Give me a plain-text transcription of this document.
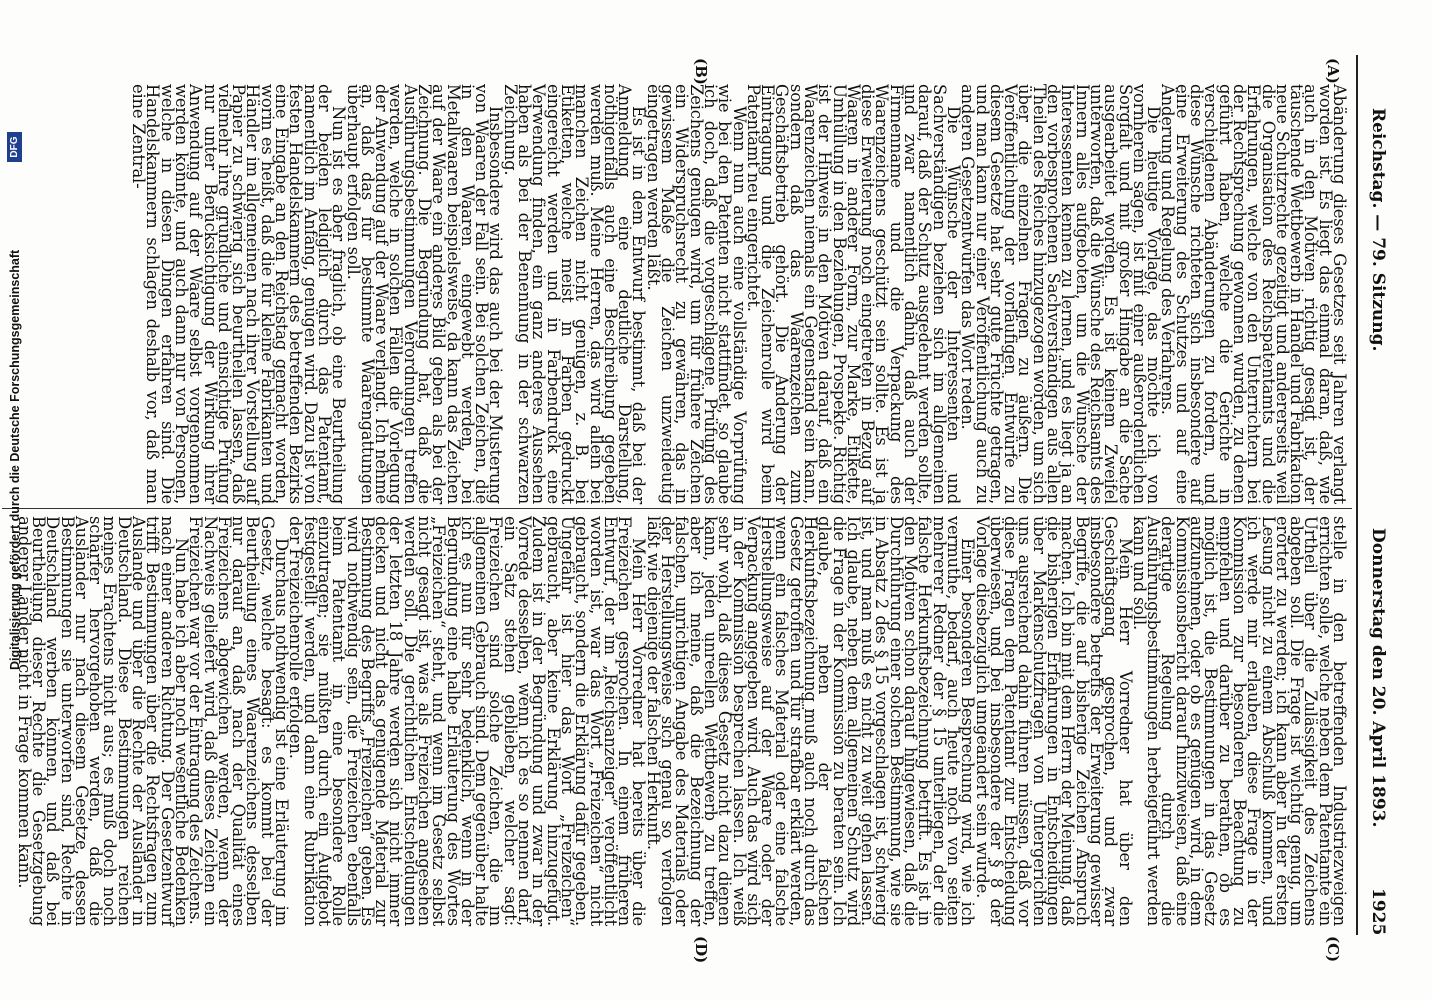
Reichstag. — 79. Sitzung.
Donnerstag den 20. April 1893.
1925
(A)
(B)
(C)
(D)

Abänderung dieses Gesetzes seit Jahren verlangt worden ist. Es liegt das einmal daran, daß, wie auch in den Motiven richtig gesagt ist, der täuschende Wettbewerb in Handel und Fabrikation neue Schutzrechte gezeitigt und andererseits weil die Organisation des Reichspatentamts und die Erfahrungen, welche von den Unterrichtern bei der Rechtsprechung gewonnen wurden, zu denen geführt haben, welche die Gerichte in verschiedenen Abänderungen zu fordern, und diese Wünsche richteten sich insbesondere auf eine Erweiterung des Schutzes und auf eine Änderung und Regelung des Verfahrens.

Die heutige Vorlage, das möchte ich von vornherein sagen, ist mit einer außerordentlichen Sorgfalt und mit großer Hingabe an die Sache ausgearbeitet worden. Es ist keinem Zweifel unterworfen, daß die Wünsche des Reichsamts des Innern alles aufgeboten, um die Wünsche der Interessenten kennen zu lernen, und es liegt ja an den vorbesprochenen Sachverständigen aus allen Theilen des Reiches hinzugezogen worden, um sich über die einzelnen Fragen zu äußern. Die Veröffentlichung der vorläufigen Entwürfe zu diesem Gesetze hat sehr gute Früchte getragen, und man kann nur einer Veröffentlichung auch zu anderen Gesetzentwürfen das Wort reden.

Die Wünsche der Interessenten und Sachverständigen beziehen sich im allgemeinen darauf, daß der Schutz ausgedehnt werden sollte, und zwar namentlich dahin, daß auch der Firmenname und die Verpackung des Waarenzeichens geschützt sein sollte. Es ist ja diese Erweiterung noch eingetreten in Bezug auf Waaren in anderer Form, zur Marke, Etikette, Umhüllung in den Beziehungen, Prospekte. Richtig ist der Hinweis in den Motiven darauf, daß ein Waarenzeichen niemals ein Gegenstand sein kann, sondern daß das Waarenzeichen zum Geschäftsbetrieb gehört. Die Änderung der Eintragung und die Zeichenrolle wird beim Patentamt neu eingerichtet.

Wenn nun auch eine vollständige Vorprüfung wie bei den Patenten nicht stattfindet, so glaube ich doch, daß die vorgeschlagene Prüfung des Zeichens genügen wird, um für frühere Zeichen ein Widerspruchsrecht zu gewähren, das in gewissem Maße die Zeichen unzweideutig eingetragen werden läßt.

Es ist in dem Entwurf bestimmt, daß bei der Anmeldung eine deutliche Darstellung, nöthigenfalls auch eine Beschreibung gegeben werden muß. Meine Herren, das wird allein bei manchen Zeichen nicht genügen, z. B. bei Etiketten, welche meist in Farben gedruckt eingereicht werden und in Farbendruck eine Verwendung finden, ein ganz anderes Aussehen haben als bei der Benennung in der schwarzen Zeichnung.

Insbesondere wird das auch bei der Musterung von Waaren der Fall sein. Bei solchen Zeichen, die in den Waaren eingewebt werden, bei Metallwaaren beispielsweise, da kann das Zeichen auf der Waare ein anderes Bild geben als bei der Zeichnung. Die Begründung hat, daß die Ausführungsbestimmungen Verordnungen treffen werden, welche in solchen Fällen die Vorlegung der Anwendung auf der Waare verlangt. Ich nehme an, daß das für bestimmte Waarengattungen überhaupt erfolgen soll.

Nun ist es aber fraglich, ob eine Beurtheilung der beiden lediglich durch das Patentamt, namentlich im Anfang, genügen wird. Dazu ist von festen Handelskammern des betreffenden Bezirks eine Eingabe an den Reichstag gemacht worden, worin es heißt, daß die für kleine Fabrikanten und Händler im allgemeinen nach ihrer Vorstellung auf Papier zu schwierig sich beurtheilen lassen, daß vielmehr ihre gründliche und einsichtige Prüfung nur unter Berücksichtigung der Wirkung ihrer Anwendung auf der Waare selbst vorgenommen werden könnte, und auch dann nur von Personen, welche in diesen Dingen erfahren sind. Die Handelskammern schlagen deshalb vor, daß man eine Zentral-

stelle in den betreffenden Industriezweigen errichten solle, welche neben dem Patentamte ein Urtheil über die Zulässigkeit des Zeichens abgeben soll. Die Frage ist wichtig genug, um erörtert zu werden; ich kann aber in der ersten Lesung nicht zu einem Abschluß kommen, und ich werde mir erlauben, diese Frage in der Kommission zur besonderen Beachtung zu empfehlen und darüber zu berathen, ob es möglich ist, die Bestimmungen in das Gesetz aufzunehmen, oder ob es genügen wird, in dem Kommissionsbericht darauf hinzuweisen, daß eine derartige Regelung durch die Ausführungsbestimmungen herbeigeführt werden kann und soll.

Mein Herr Vorredner hat über den Geschäftsgang gesprochen, und zwar insbesondere betreffs der Erweiterung gewisser Begriffe, die auf bisherige Zeichen Anspruch machen. Ich bin mit dem Herrn der Meinung, daß die bisherigen Erfahrungen in Entscheidungen über Markenschutzfragen von Untergerichten uns ausreichend dahin führen müssen, daß vor diese Fragen dem Patentamt zur Entscheidung überwiesen, und bei insbesondere der § 8 der Vorlage diesbezüglich umgeändert sein würde.

Einer besonderen Besprechung wird, wie ich vermuthe, bedarf, auch heute noch von seiten mehrerer Redner der § 15 unterliegen, der die falsche Herkunftsbezeichnung betrifft. Es ist in den Motiven schon darauf hingewiesen, daß die Durchführung einer solchen Bestimmung, wie sie in Absatz 2 des § 15 vorgeschlagen ist, schwierig ist, und man muß es nicht zu weit gehen lassen. Ich glaube, neben dem allgemeinen Schutz wird die Frage in der Kommission zu beraten sein. Ich glaube, neben der falschen Herkunftsbezeichnung muß auch noch durch das Gesetz getroffen und für strafbar erklärt werden, wenn ein falsches Material oder eine falsche Herstellungsweise auf der Waare oder der Verpackung angegeben wird. Auch das wird sich in der Kommission besprechen lassen. Ich weiß sehr wohl, daß dieses Gesetz nicht dazu dienen kann, jeden unreellen Wettbewerb zu treffen, aber ich meine, daß die Bezeichnung der falschen, unrichtigen Angabe des Materials oder der Herstellungsweise sich genau so verfolgen läßt wie diejenige der falschen Herkunft.

Mein Herr Vorredner hat bereits über die Freizeichen gesprochen. In einem früheren Entwurf, der im „Reichsanzeiger“ veröffentlicht worden ist, war das Wort „Freizeichen“ nicht gebraucht, sondern die Erklärung dafür gegeben. Ungefähr ist hier das Wort „Freizeichen“ gebraucht, aber keine Erklärung hinzugefügt. Zudem ist in der Begründung und zwar in der Vorrede desselben, wenn ich es so nennen darf, ein Satz stehen geblieben, welcher sagt: Freizeichen sind solche Zeichen, die im allgemeinen Gebrauch sind. Dem gegenüber halte ich es nun für sehr bedenklich, wenn in der Begründung eine halbe Erläuterung des Wortes „Freizeichen“ steht, und wenn im Gesetz selbst nicht gesagt ist, was als Freizeichen angesehen werden soll. Die gerichtlichen Entscheidungen der letzten 18 Jahre werden sich nicht immer decken und nicht das genügende Material zur Bestimmung des Begriffs „Freizeichen“ geben. Es wird nothwendig sein, die Freizeichen ebenfalls beim Patentamt in eine besondere Rolle einzutragen; sie müßten durch ein Aufgebot festgestellt werden, und dann eine Rubrikation der Freizeichenrolle erfolgen.

Durchaus nothwendig ist eine Erläuterung im Gesetz, welche besagt: es kommt bei der Beurtheilung eines Waarenzeichens desselben nur darauf an, daß nach der Qualität eines Freizeichens abgewichen werden, wenn der Nachweis geliefert wird, daß dieses Zeichen ein Freizeichen war vor der Eintragung des Zeichens.

Nun habe ich aber noch wesentliche Bedenken nach einer anderen Richtung. Der Gesetzentwurf trifft Bestimmungen über die Rechtsfragen zum Auslande und über die Rechte der Ausländer in Deutschland. Diese Bestimmungen reichen meines Erachtens nicht aus; es muß doch noch schärfer hervorgehoben werden, daß die Ausländer nur nach diesem Gesetze, dessen Bestimmungen sie unterworfen sind, Rechte in Deutschland werben können, und daß bei Beurtheilung dieser Rechte die Gesetzgebung anderer Länder nicht in Frage kommen kann.

Digitalisierung gefördert durch die Deutsche Forschungsgemeinschaft
DFG
